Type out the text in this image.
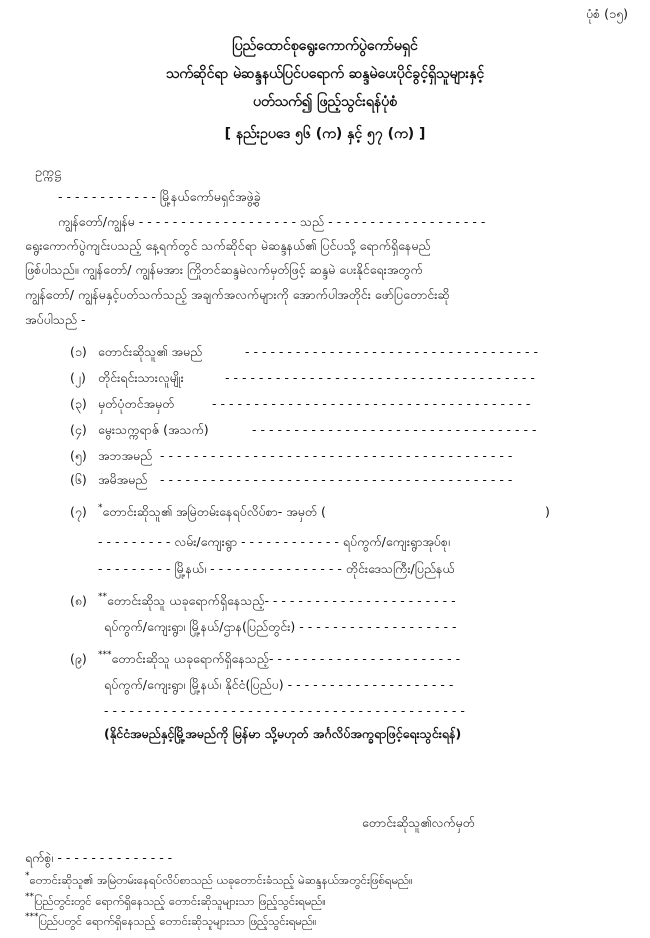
ပုံစံ (၁၅)
ပြည်ထောင်စုရွေးကောက်ပွဲကော်မရှင်
သက်ဆိုင်ရာ မဲဆန္ဒနယ်ပြင်ပရောက် ဆန္ဒမဲပေးပိုင်ခွင့်ရှိသူများနှင့်
ပတ်သက်၍ ဖြည့်သွင်းရန်ပုံစံ
[ နည်းဥပဒေ ၅၆ (က) နှင့် ၅၇ (က) ]
ဥက္ကဋ္ဌ
- - - - - - - - - - - - မြို့နယ်ကော်မရှင်အဖွဲ့ခွဲ
ကျွန်တော်/ကျွန်မ - - - - - - - - - - - - - - - - - - - သည် - - - - - - - - - - - - - - - - - - -
ရွေးကောက်ပွဲကျင်းပသည့် နေ့ရက်တွင် သက်ဆိုင်ရာ မဲဆန္ဒနယ်၏ ပြင်ပသို့ ရောက်ရှိနေမည်
ဖြစ်ပါသည်။ ကျွန်တော်/ ကျွန်မအား ကြိုတင်ဆန္ဒမဲလက်မှတ်ဖြင့် ဆန္ဒမဲ ပေးနိုင်ရေးအတွက်
ကျွန်တော်/ ကျွန်မနှင့်ပတ်သက်သည့် အချက်အလက်များကို အောက်ပါအတိုင်း ဖော်ပြတောင်းဆို
အပ်ပါသည် -
(၁) တောင်းဆိုသူ၏ အမည်	- - - - - - - - - - - - - - - - - - - - - - - - - - - - - - - - - - -
(၂) တိုင်းရင်းသားလူမျိုး	- - - - - - - - - - - - - - - - - - - - - - - - - - - - - - - - - - - - -
(၃) မှတ်ပုံတင်အမှတ်	- - - - - - - - - - - - - - - - - - - - - - - - - - - - - - - - - - - - - -
(၄) မွေးသက္ကရာဇ် (အသက်)	- - - - - - - - - - - - - - - - - - - - - - - - - - - - - - - - - -
(၅) အဘအမည် - - - - - - - - - - - - - - - - - - - - - - - - - - - - - - - - - - - - - - - - - -
(၆) အမိအမည် - - - - - - - - - - - - - - - - - - - - - - - - - - - - - - - - - - - - - - - - - -
(၇) *တောင်းဆိုသူ၏ အမြဲတမ်းနေရပ်လိပ်စာ- အမှတ် (	)
- - - - - - - - - လမ်း/ကျေးရွာ - - - - - - - - - - - - ရပ်ကွက်/ကျေးရွာအုပ်စု၊
- - - - - - - - - မြို့နယ်၊ - - - - - - - - - - - - - - - - တိုင်းဒေသကြီး/ပြည်နယ်
(၈) **တောင်းဆိုသူ ယခုရောက်ရှိနေသည့်- - - - - - - - - - - - - - - - - - - - - - -
ရပ်ကွက်/ကျေးရွာ၊ မြို့နယ်/ဌာန(ပြည်တွင်း) - - - - - - - - - - - - - - - - - - -
(၉) ***တောင်းဆိုသူ ယခုရောက်ရှိနေသည့်- - - - - - - - - - - - - - - - - - - - - - -
ရပ်ကွက်/ကျေးရွာ၊ မြို့နယ်၊ နိုင်ငံ(ပြည်ပ) - - - - - - - - - - - - - - - - - - - -
- - - - - - - - - - - - - - - - - - - - - - - - - - - - - - - - - - - - - - - - - - -
(နိုင်ငံအမည်နှင့်မြို့အမည်ကို မြန်မာ သို့မဟုတ် အင်္ဂလိပ်အက္ခရာဖြင့်ရေးသွင်းရန်)
တောင်းဆိုသူ၏လက်မှတ်
ရက်စွဲ၊ - - - - - - - - - - - - - -
*တောင်းဆိုသူ၏ အမြဲတမ်းနေရပ်လိပ်စာသည် ယခုတောင်းခံသည့် မဲဆန္ဒနယ်အတွင်းဖြစ်ရမည်။
**ပြည်တွင်းတွင် ရောက်ရှိနေသည့် တောင်းဆိုသူများသာ ဖြည့်သွင်းရမည်။
***ပြည်ပတွင် ရောက်ရှိနေသည့် တောင်းဆိုသူများသာ ဖြည့်သွင်းရမည်။
